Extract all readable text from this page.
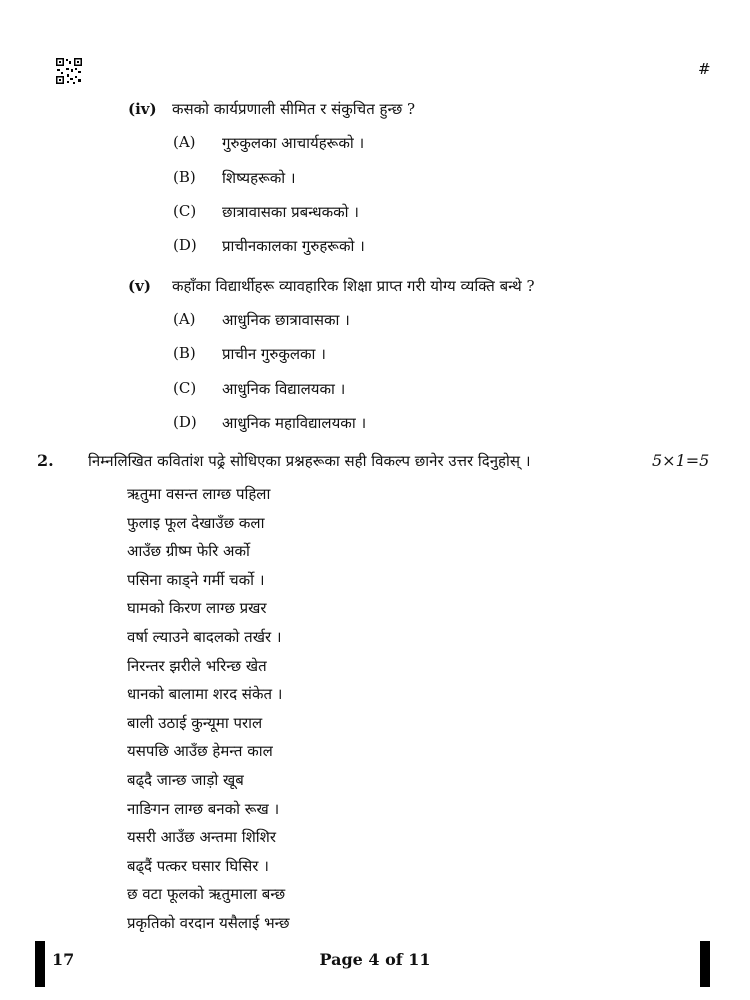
#
(iv) कसको कार्यप्रणाली सीमित र संकुचित हुन्छ ?
(A) गुरुकुलका आचार्यहरूको ।
(B) शिष्यहरूको ।
(C) छात्रावासका प्रबन्धकको ।
(D) प्राचीनकालका गुरुहरूको ।
(v) कहाँका विद्यार्थीहरू व्यावहारिक शिक्षा प्राप्त गरी योग्य व्यक्ति बन्थे ?
(A) आधुनिक छात्रावासका ।
(B) प्राचीन गुरुकुलका ।
(C) आधुनिक विद्यालयका ।
(D) आधुनिक महाविद्यालयका ।
2. निम्नलिखित कवितांश पढ्रे सोधिएका प्रश्नहरूका सही विकल्प छानेर उत्तर दिनुहोस् ।	5×1=5
ऋतुमा वसन्त लाग्छ पहिला
फुलाइ फूल देखाउँछ कला
आउँछ ग्रीष्म फेरि अर्को
पसिना काड्ने गर्मी चर्को ।
घामको किरण लाग्छ प्रखर
वर्षा ल्याउने बादलको तर्खर ।
निरन्तर झरीले भरिन्छ खेत
धानको बालामा शरद संकेत ।
बाली उठाई कुन्यूमा पराल
यसपछि आउँछ हेमन्त काल
बढ्दै जान्छ जाड़ो खूब
नाङिगन लाग्छ बनको रूख ।
यसरी आउँछ अन्तमा शिशिर
बढ्दैं पत्कर घसार घिसिर ।
छ वटा फूलको ऋतुमाला बन्छ
प्रकृतिको वरदान यसैलाई भन्छ
17	Page 4 of 11
